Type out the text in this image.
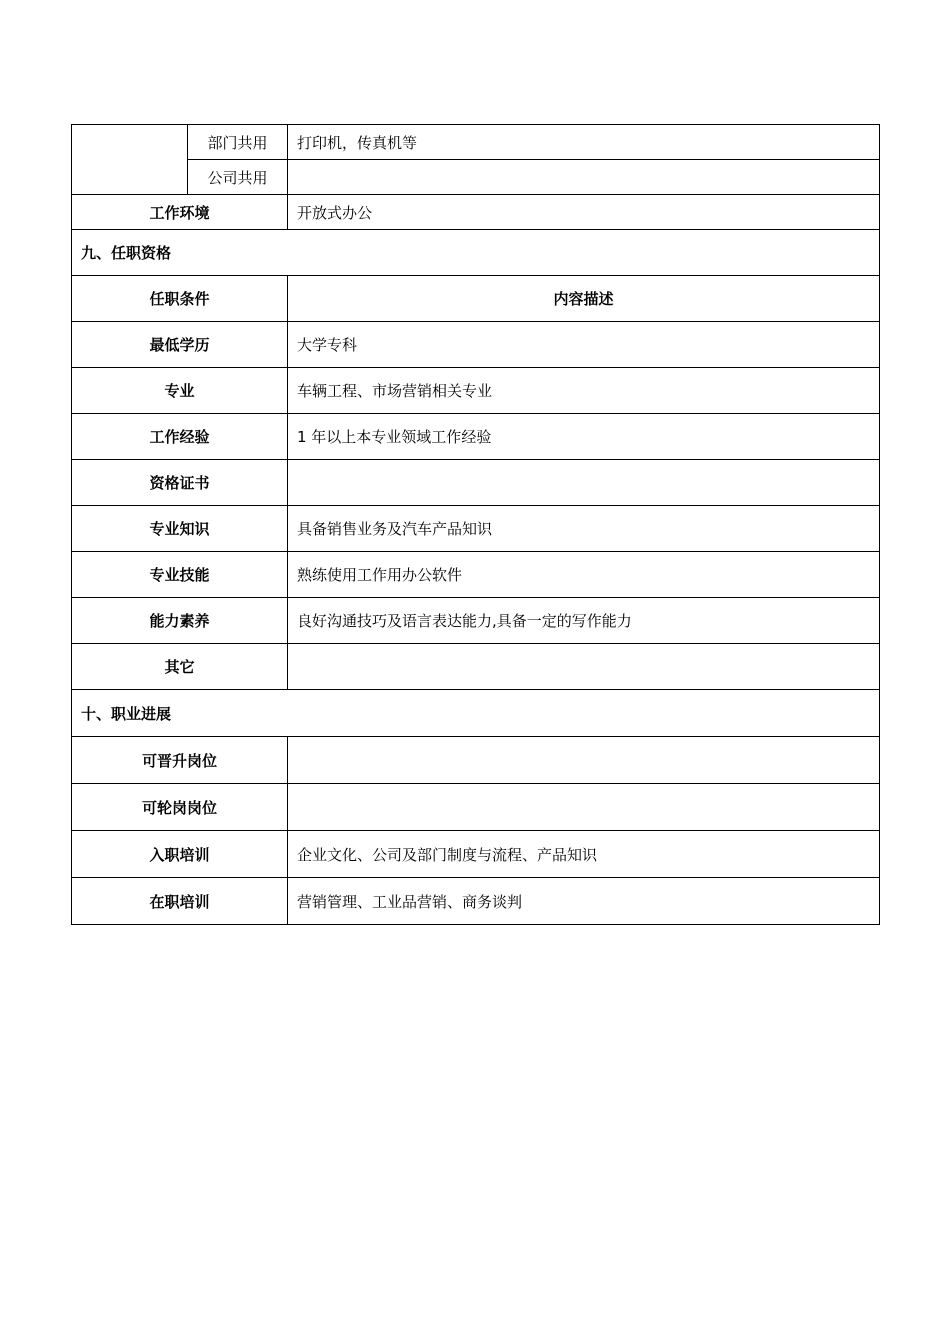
	部门共用	打印机，传真机等
	公司共用	
工作环境		开放式办公
九、任职资格		
任职条件		内容描述
最低学历		大学专科
专业		车辆工程、市场营销相关专业
工作经验		1 年以上本专业领域工作经验
资格证书		
专业知识		具备销售业务及汽车产品知识
专业技能		熟练使用工作用办公软件
能力素养		良好沟通技巧及语言表达能力,具备一定的写作能力
其它		
十、职业进展		
可晋升岗位		
可轮岗岗位		
入职培训		企业文化、公司及部门制度与流程、产品知识
在职培训		营销管理、工业品营销、商务谈判
